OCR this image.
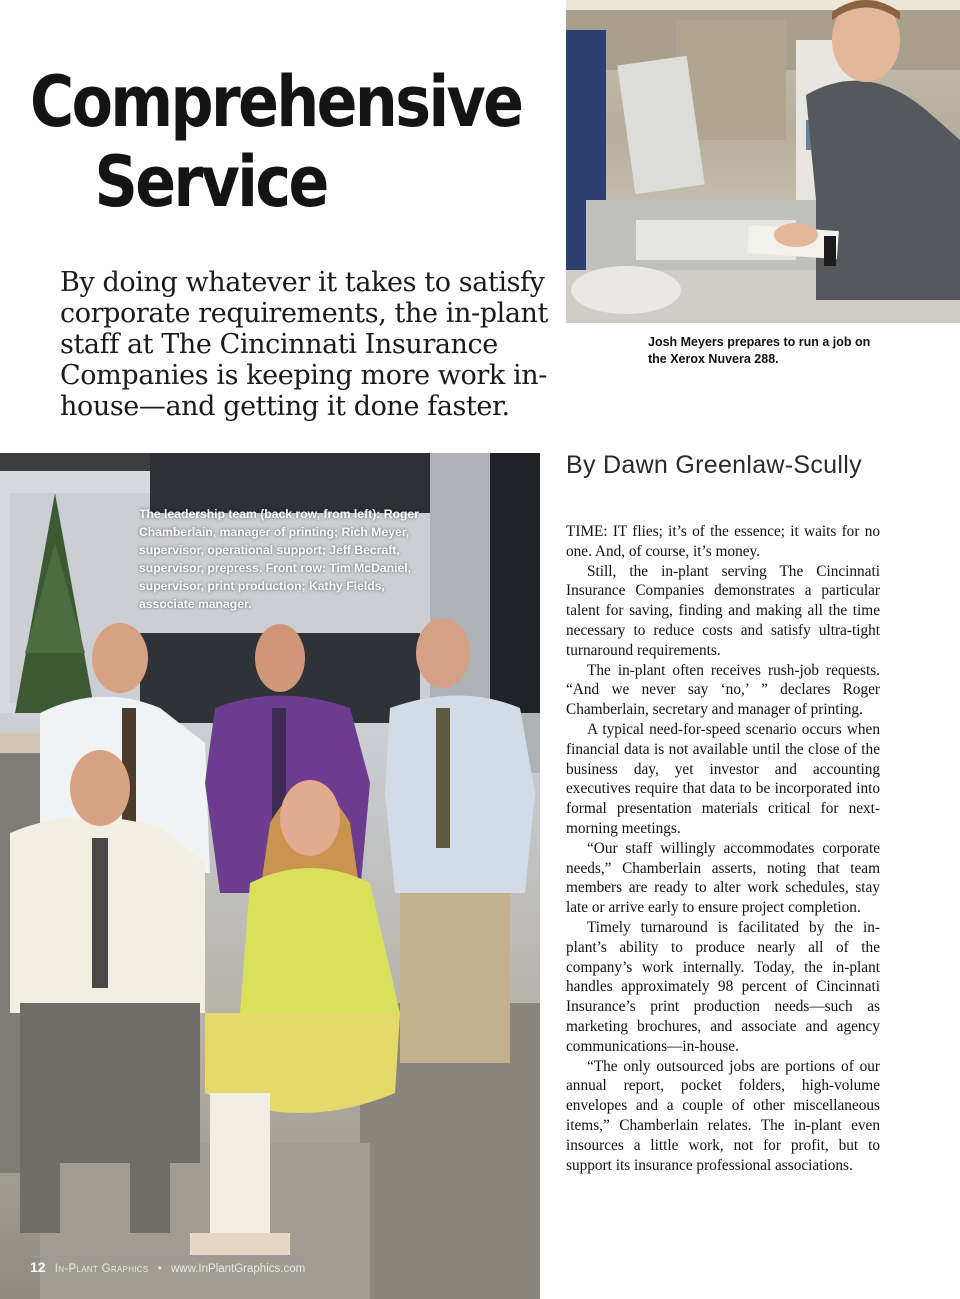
Comprehensive
Service

By doing whatever it takes to satisfy corporate requirements, the in-plant staff at The Cincinnati Insurance Companies is keeping more work in-house—and getting it done faster.

Josh Meyers prepares to run a job on the Xerox Nuvera 288.

The leadership team (back row, from left): Roger Chamberlain, manager of printing; Rich Meyer, supervisor, operational support; Jeff Becraft, supervisor, prepress. Front row: Tim McDaniel, supervisor, print production; Kathy Fields, associate manager.

By Dawn Greenlaw-Scully

TIME: IT flies; it’s of the essence; it waits for no one. And, of course, it’s money.

Still, the in-plant serving The Cincinnati Insurance Companies demonstrates a particular talent for saving, finding and making all the time necessary to reduce costs and satisfy ultra-tight turnaround requirements.

The in-plant often receives rush-job requests. “And we never say ‘no,’ ” declares Roger Chamberlain, secretary and manager of printing.

A typical need-for-speed scenario occurs when financial data is not available until the close of the business day, yet investor and accounting executives require that data to be incorporated into formal presentation materials critical for next-morning meetings.

“Our staff willingly accommodates corporate needs,” Chamberlain asserts, noting that team members are ready to alter work schedules, stay late or arrive early to ensure project completion.

Timely turnaround is facilitated by the in-plant’s ability to produce nearly all of the company’s work internally. Today, the in-plant handles approximately 98 percent of Cincinnati Insurance’s print production needs—such as marketing brochures, and associate and agency communications—in-house.

“The only outsourced jobs are portions of our annual report, pocket folders, high-volume envelopes and a couple of other miscellaneous items,” Chamberlain relates. The in-plant even insources a little work, not for profit, but to support its insurance professional associations.

12 In-Plant Graphics • www.InPlantGraphics.com
